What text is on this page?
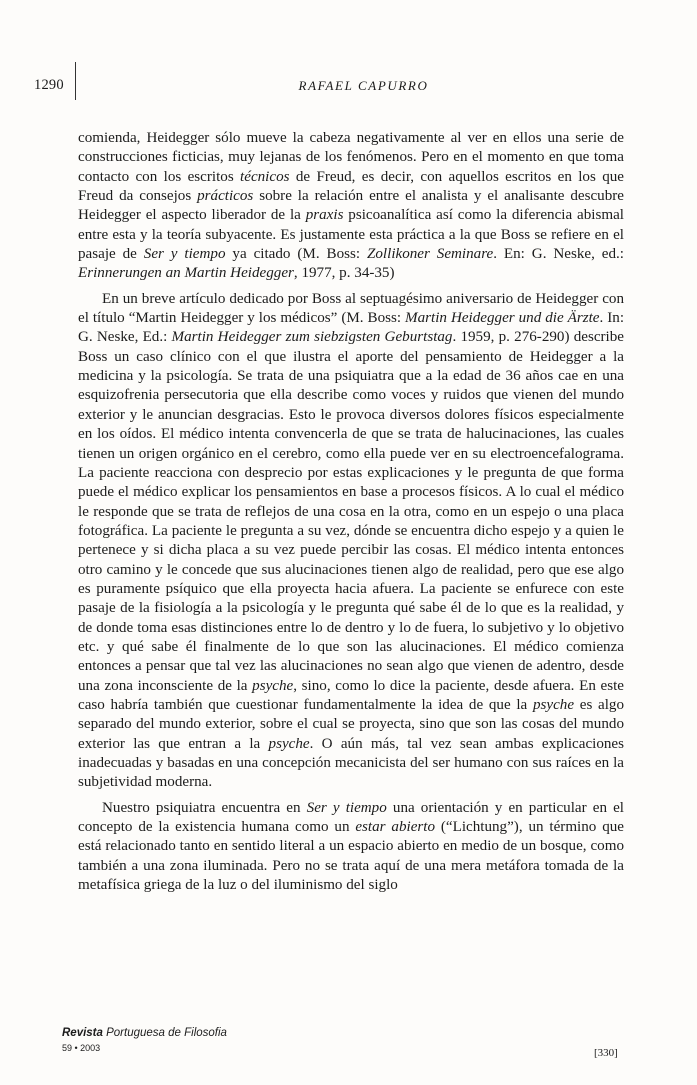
1290	RAFAEL CAPURRO

comienda, Heidegger sólo mueve la cabeza negativamente al ver en ellos una serie de construcciones ficticias, muy lejanas de los fenómenos. Pero en el momento en que toma contacto con los escritos técnicos de Freud, es decir, con aquellos escritos en los que Freud da consejos prácticos sobre la relación entre el analista y el analisante descubre Heidegger el aspecto liberador de la praxis psicoanalítica así como la diferencia abismal entre esta y la teoría subyacente. Es justamente esta práctica a la que Boss se refiere en el pasaje de Ser y tiempo ya citado (M. Boss: Zollikoner Seminare. En: G. Neske, ed.: Erinnerungen an Martin Heidegger, 1977, p. 34-35)

En un breve artículo dedicado por Boss al septuagésimo aniversario de Heidegger con el título “Martin Heidegger y los médicos” (M. Boss: Martin Heidegger und die Ärzte. In: G. Neske, Ed.: Martin Heidegger zum siebzigsten Geburtstag. 1959, p. 276-290) describe Boss un caso clínico con el que ilustra el aporte del pensamiento de Heidegger a la medicina y la psicología. Se trata de una psiquiatra que a la edad de 36 años cae en una esquizofrenia persecutoria que ella describe como voces y ruidos que vienen del mundo exterior y le anuncian desgracias. Esto le provoca diversos dolores físicos especialmente en los oídos. El médico intenta convencerla de que se trata de halucinaciones, las cuales tienen un origen orgánico en el cerebro, como ella puede ver en su electroencefalograma. La paciente reacciona con desprecio por estas explicaciones y le pregunta de que forma puede el médico explicar los pensamientos en base a procesos físicos. A lo cual el médico le responde que se trata de reflejos de una cosa en la otra, como en un espejo o una placa fotográfica. La paciente le pregunta a su vez, dónde se encuentra dicho espejo y a quien le pertenece y si dicha placa a su vez puede percibir las cosas. El médico intenta entonces otro camino y le concede que sus alucinaciones tienen algo de realidad, pero que ese algo es puramente psíquico que ella proyecta hacia afuera. La paciente se enfurece con este pasaje de la fisiología a la psicología y le pregunta qué sabe él de lo que es la realidad, y de donde toma esas distinciones entre lo de dentro y lo de fuera, lo subjetivo y lo objetivo etc. y qué sabe él finalmente de lo que son las alucinaciones. El médico comienza entonces a pensar que tal vez las alucinaciones no sean algo que vienen de adentro, desde una zona inconsciente de la psyche, sino, como lo dice la paciente, desde afuera. En este caso habría también que cuestionar fundamentalmente la idea de que la psyche es algo separado del mundo exterior, sobre el cual se proyecta, sino que son las cosas del mundo exterior las que entran a la psyche. O aún más, tal vez sean ambas explicaciones inadecuadas y basadas en una concepción mecanicista del ser humano con sus raíces en la subjetividad moderna.

Nuestro psiquiatra encuentra en Ser y tiempo una orientación y en particular en el concepto de la existencia humana como un estar abierto (“Lichtung”), un término que está relacionado tanto en sentido literal a un espacio abierto en medio de un bosque, como también a una zona iluminada. Pero no se trata aquí de una mera metáfora tomada de la metafísica griega de la luz o del iluminismo del siglo

Revista Portuguesa de Filosofia
59 • 2003	[330]
